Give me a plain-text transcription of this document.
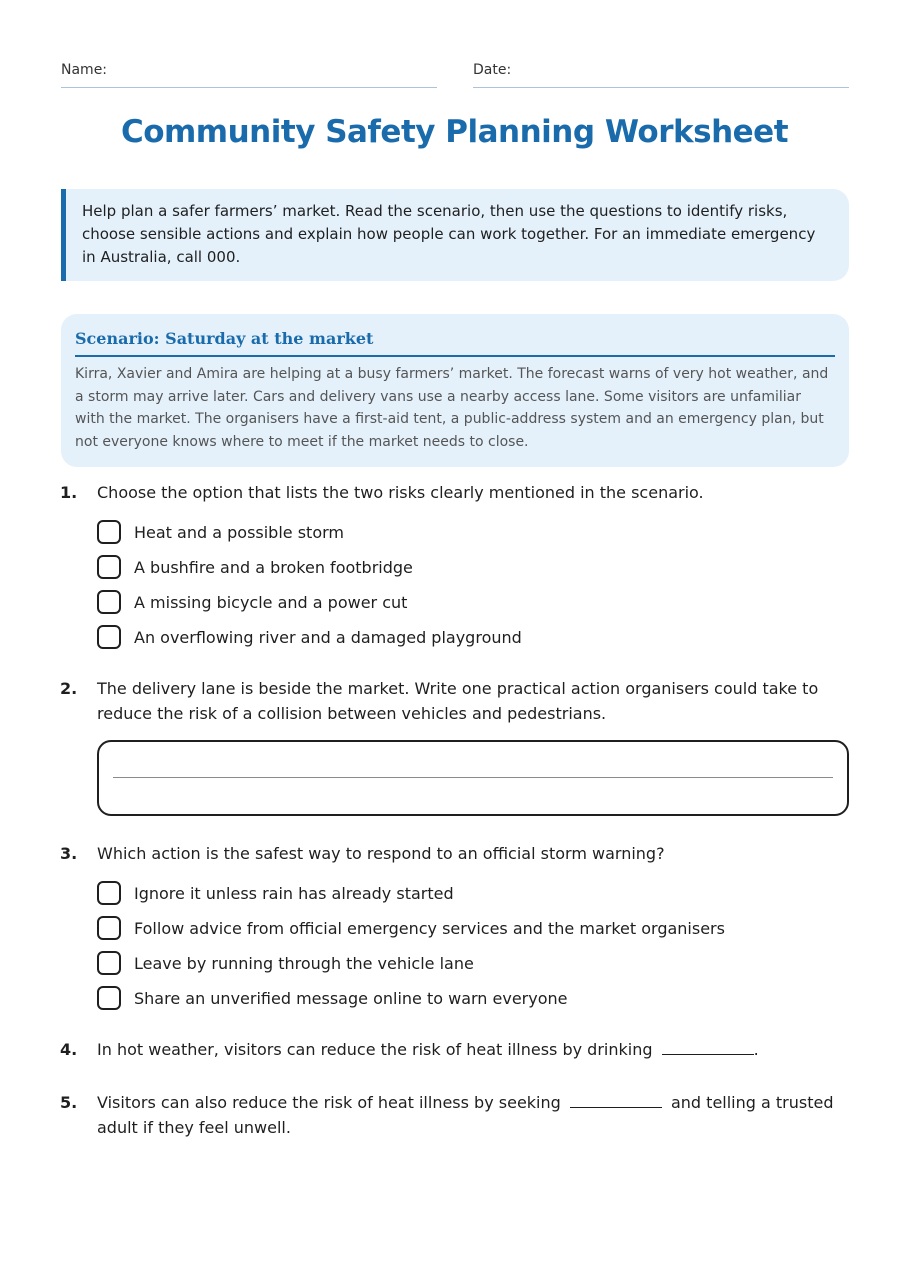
Name:	Date:
Community Safety Planning Worksheet
Help plan a safer farmers’ market. Read the scenario, then use the questions to identify risks, choose sensible actions and explain how people can work together. For an immediate emergency in Australia, call 000.
Scenario: Saturday at the market
Kirra, Xavier and Amira are helping at a busy farmers’ market. The forecast warns of very hot weather, and a storm may arrive later. Cars and delivery vans use a nearby access lane. Some visitors are unfamiliar with the market. The organisers have a first-aid tent, a public-address system and an emergency plan, but not everyone knows where to meet if the market needs to close.
1. Choose the option that lists the two risks clearly mentioned in the scenario.
Heat and a possible storm
A bushfire and a broken footbridge
A missing bicycle and a power cut
An overflowing river and a damaged playground
2. The delivery lane is beside the market. Write one practical action organisers could take to reduce the risk of a collision between vehicles and pedestrians.
3. Which action is the safest way to respond to an official storm warning?
Ignore it unless rain has already started
Follow advice from official emergency services and the market organisers
Leave by running through the vehicle lane
Share an unverified message online to warn everyone
4. In hot weather, visitors can reduce the risk of heat illness by drinking	.
5. Visitors can also reduce the risk of heat illness by seeking	and telling a trusted adult if they feel unwell.
